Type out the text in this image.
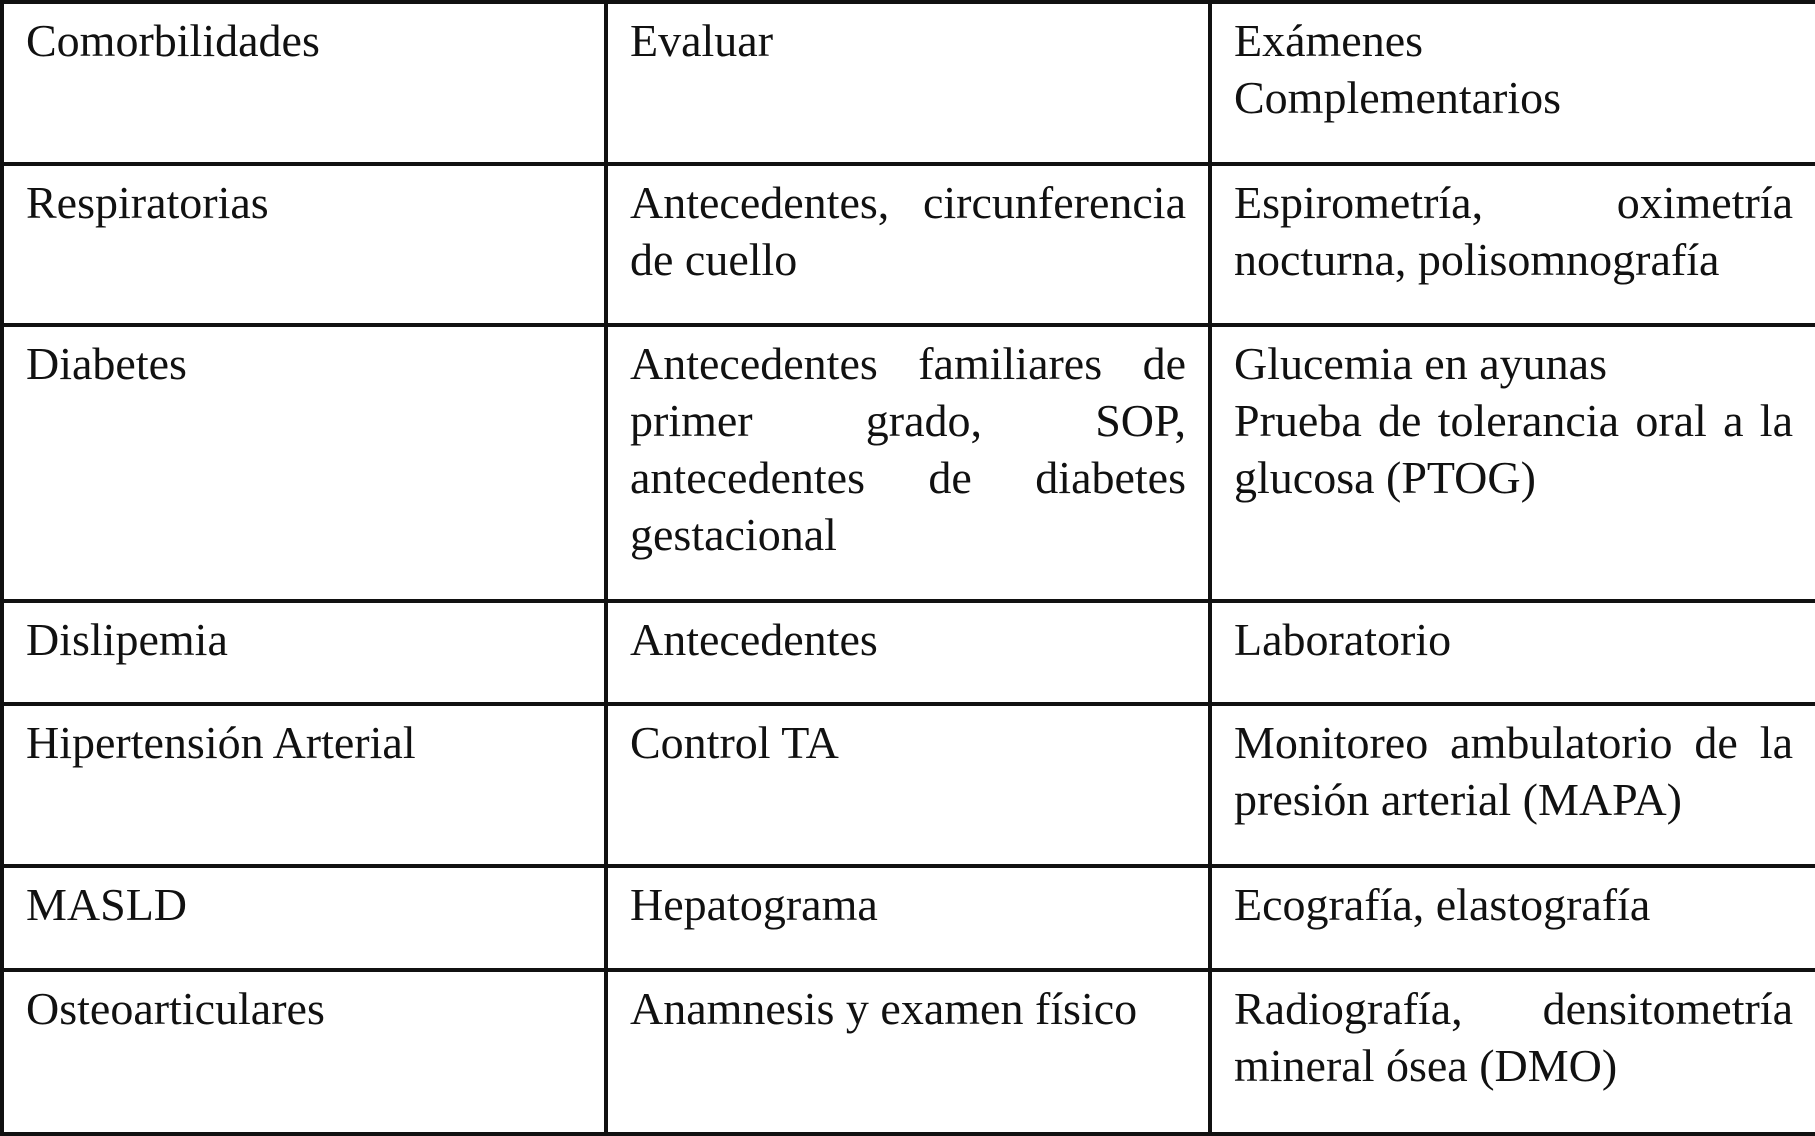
Comorbilidades	Evaluar	Exámenes
Complementarios

Respiratorias	Antecedentes, circunferencia de cuello	Espirometría, oximetría nocturna, polisomnografía

Diabetes	Antecedentes familiares de primer grado, SOP, antecedentes de diabetes gestacional	Glucemia en ayunas
Prueba de tolerancia oral a la glucosa (PTOG)

Dislipemia	Antecedentes	Laboratorio

Hipertensión Arterial	Control TA	Monitoreo ambulatorio de la presión arterial (MAPA)

MASLD	Hepatograma	Ecografía, elastografía

Osteoarticulares	Anamnesis y examen físico	Radiografía, densitometría mineral ósea (DMO)
